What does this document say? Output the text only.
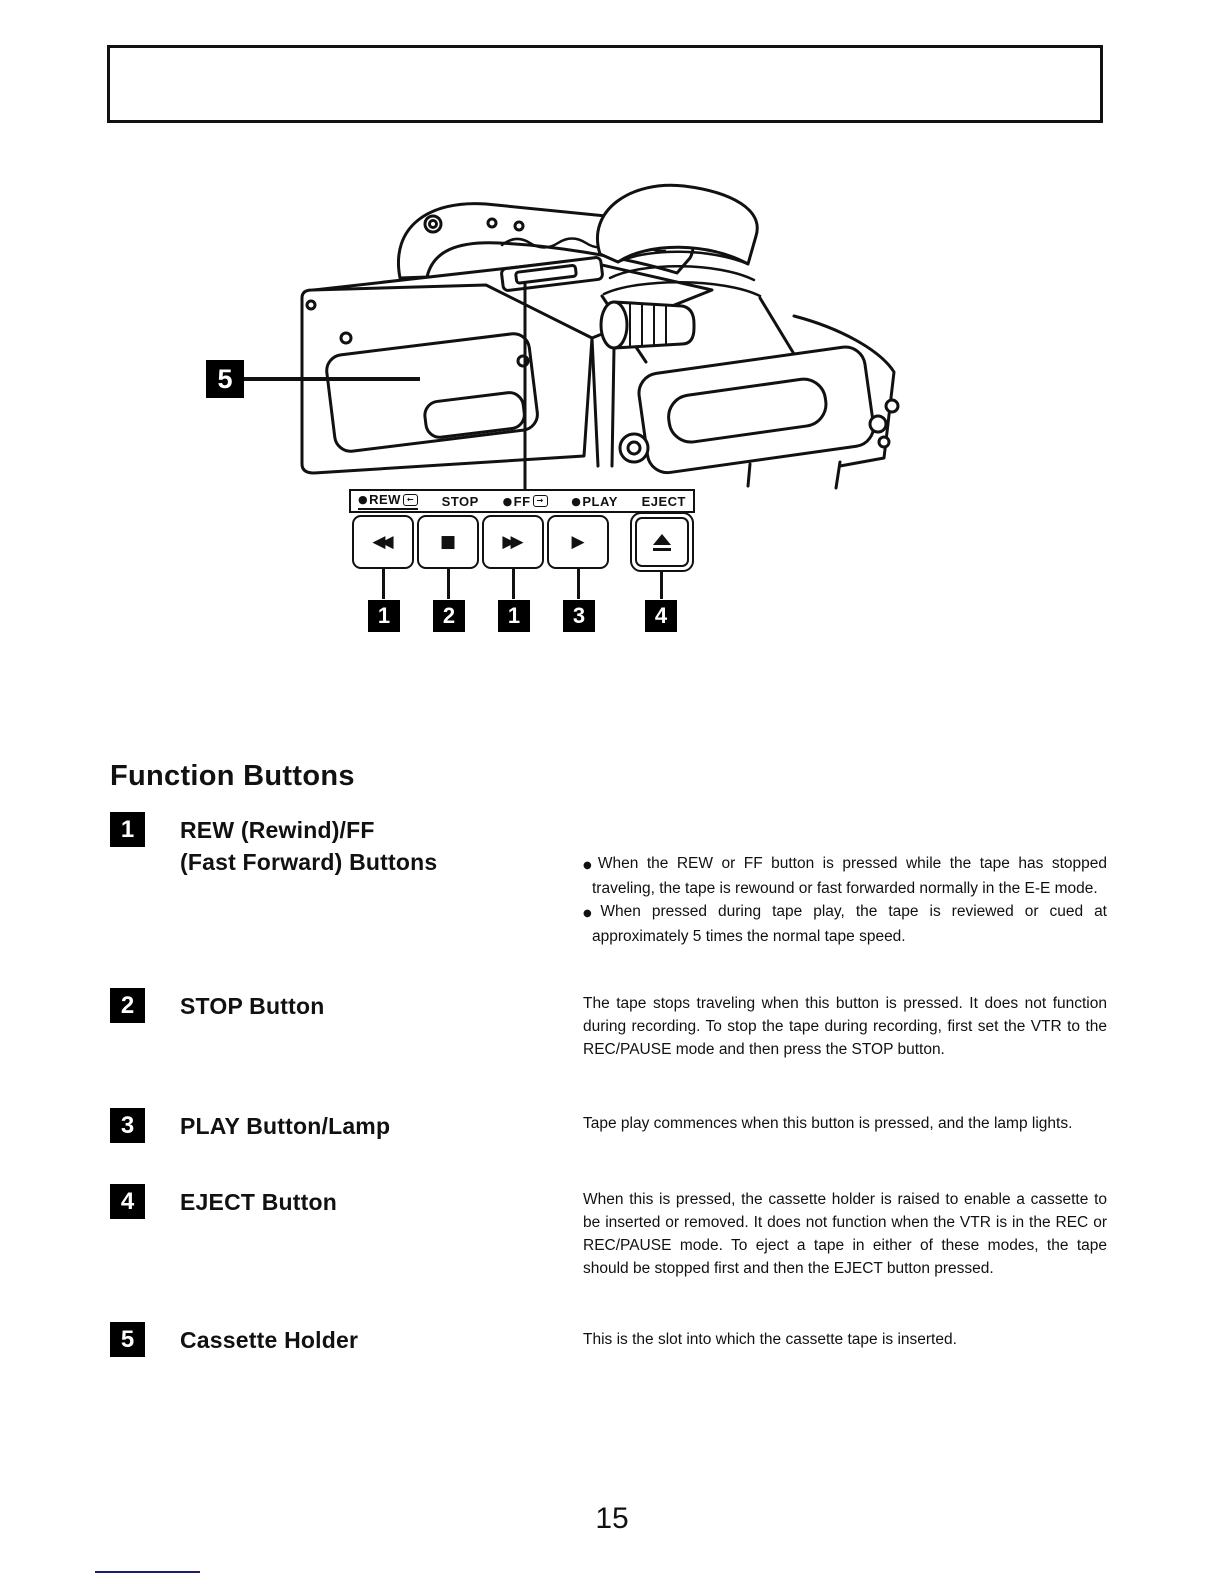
5
● REW ←	STOP ● FF →	● PLAY EJECT
◀◀	■	▶▶	▶
1	2	1	3	4
Function Buttons
1	REW (Rewind)/FF
(Fast Forward) Buttons	● When the REW or FF button is pressed while the tape has stopped traveling, the tape is rewound or fast forwarded normally in the E-E mode.
● When pressed during tape play, the tape is reviewed or cued at approximately 5 times the normal tape speed.
2	STOP Button	The tape stops traveling when this button is pressed. It does not function during recording. To stop the tape during recording, first set the VTR to the REC/PAUSE mode and then press the STOP button.
3	PLAY Button/Lamp	Tape play commences when this button is pressed, and the lamp lights.
4	EJECT Button	When this is pressed, the cassette holder is raised to enable a cassette to be inserted or removed. It does not function when the VTR is in the REC or REC/PAUSE mode. To eject a tape in either of these modes, the tape should be stopped first and then the EJECT button pressed.
5	Cassette Holder	This is the slot into which the cassette tape is inserted.
15
